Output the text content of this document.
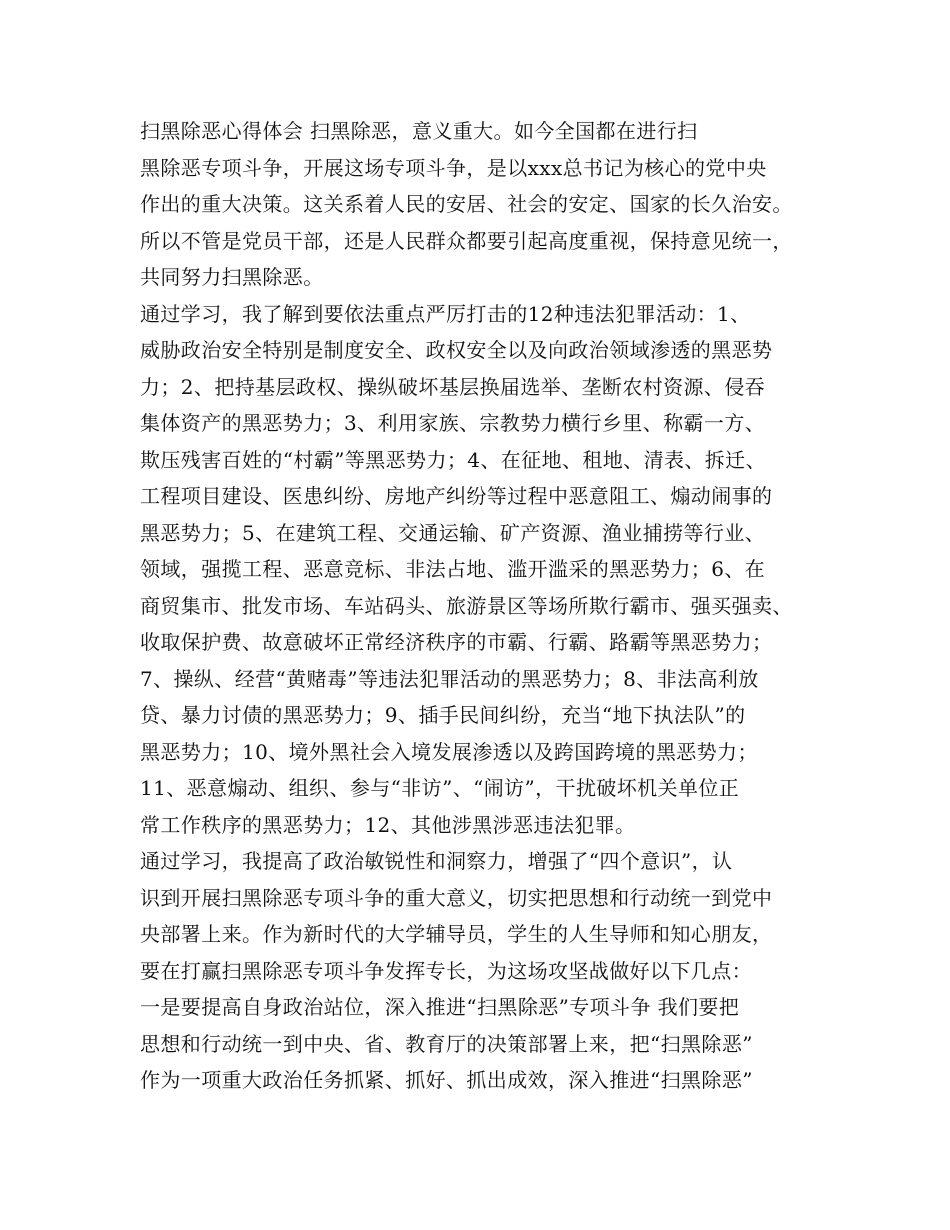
扫黑除恶心得体会 扫黑除恶，意义重大。如今全国都在进行扫
黑除恶专项斗争，开展这场专项斗争，是以xxx总书记为核心的党中央
作出的重大决策。这关系着人民的安居、社会的安定、国家的长久治安。
所以不管是党员干部，还是人民群众都要引起高度重视，保持意见统一，
共同努力扫黑除恶。
通过学习，我了解到要依法重点严厉打击的12种违法犯罪活动：1、
威胁政治安全特别是制度安全、政权安全以及向政治领域渗透的黑恶势
力；2、把持基层政权、操纵破坏基层换届选举、垄断农村资源、侵吞
集体资产的黑恶势力；3、利用家族、宗教势力横行乡里、称霸一方、
欺压残害百姓的“村霸”等黑恶势力；4、在征地、租地、清表、拆迁、
工程项目建设、医患纠纷、房地产纠纷等过程中恶意阻工、煽动闹事的
黑恶势力；5、在建筑工程、交通运输、矿产资源、渔业捕捞等行业、
领域，强揽工程、恶意竞标、非法占地、滥开滥采的黑恶势力；6、在
商贸集市、批发市场、车站码头、旅游景区等场所欺行霸市、强买强卖、
收取保护费、故意破坏正常经济秩序的市霸、行霸、路霸等黑恶势力；
7、操纵、经营“黄赌毒”等违法犯罪活动的黑恶势力；8、非法高利放
贷、暴力讨债的黑恶势力；9、插手民间纠纷，充当“地下执法队”的
黑恶势力；10、境外黑社会入境发展渗透以及跨国跨境的黑恶势力；
11、恶意煽动、组织、参与“非访”、“闹访”，干扰破坏机关单位正
常工作秩序的黑恶势力；12、其他涉黑涉恶违法犯罪。
通过学习，我提高了政治敏锐性和洞察力，增强了“四个意识”，认
识到开展扫黑除恶专项斗争的重大意义，切实把思想和行动统一到党中
央部署上来。作为新时代的大学辅导员，学生的人生导师和知心朋友，
要在打赢扫黑除恶专项斗争发挥专长，为这场攻坚战做好以下几点：
一是要提高自身政治站位，深入推进“扫黑除恶”专项斗争 我们要把
思想和行动统一到中央、省、教育厅的决策部署上来，把“扫黑除恶”
作为一项重大政治任务抓紧、抓好、抓出成效，深入推进“扫黑除恶”
